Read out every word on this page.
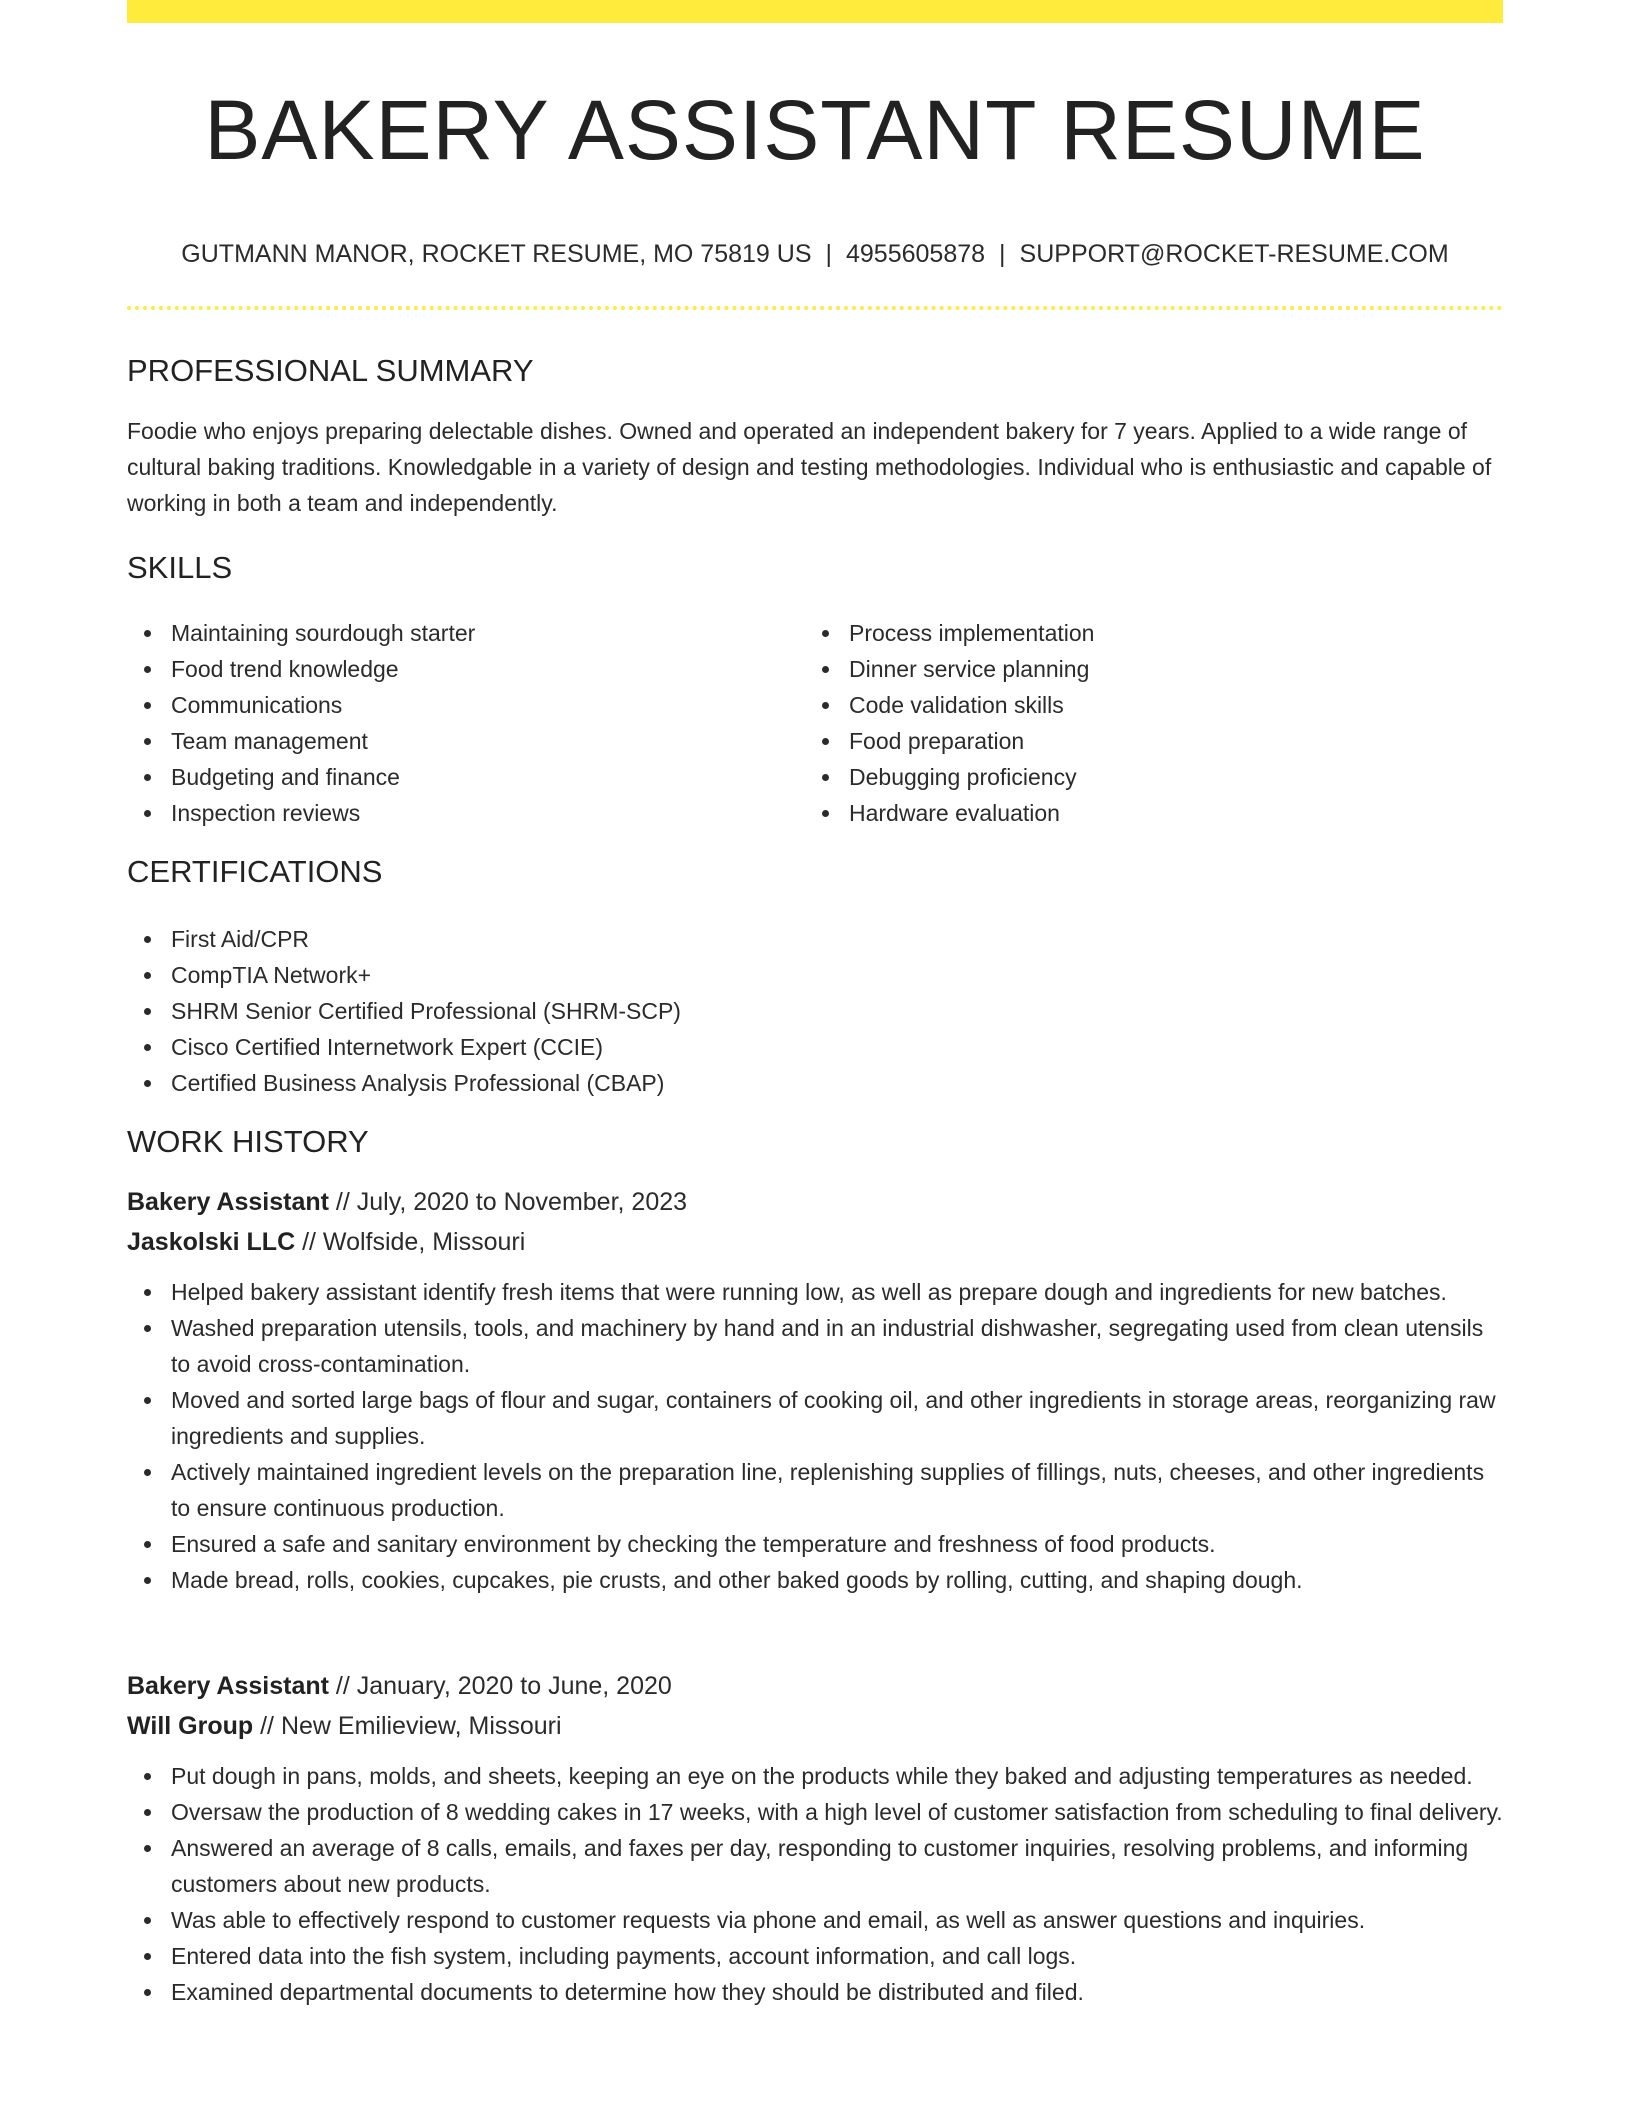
BAKERY ASSISTANT RESUME
GUTMANN MANOR, ROCKET RESUME, MO 75819 US | 4955605878 | SUPPORT@ROCKET-RESUME.COM
PROFESSIONAL SUMMARY

Foodie who enjoys preparing delectable dishes. Owned and operated an independent bakery for 7 years. Applied to a wide range of cultural baking traditions. Knowledgable in a variety of design and testing methodologies. Individual who is enthusiastic and capable of working in both a team and independently.

SKILLS
Maintaining sourdough starter
Food trend knowledge
Communications
Team management
Budgeting and finance
Inspection reviews
Process implementation
Dinner service planning
Code validation skills
Food preparation
Debugging proficiency
Hardware evaluation
CERTIFICATIONS
First Aid/CPR
CompTIA Network+
SHRM Senior Certified Professional (SHRM-SCP)
Cisco Certified Internetwork Expert (CCIE)
Certified Business Analysis Professional (CBAP)
WORK HISTORY
Bakery Assistant // July, 2020 to November, 2023
Jaskolski LLC // Wolfside, Missouri
Helped bakery assistant identify fresh items that were running low, as well as prepare dough and ingredients for new batches.
Washed preparation utensils, tools, and machinery by hand and in an industrial dishwasher, segregating used from clean utensils to avoid cross-contamination.
Moved and sorted large bags of flour and sugar, containers of cooking oil, and other ingredients in storage areas, reorganizing raw ingredients and supplies.
Actively maintained ingredient levels on the preparation line, replenishing supplies of fillings, nuts, cheeses, and other ingredients to ensure continuous production.
Ensured a safe and sanitary environment by checking the temperature and freshness of food products.
Made bread, rolls, cookies, cupcakes, pie crusts, and other baked goods by rolling, cutting, and shaping dough.
Bakery Assistant // January, 2020 to June, 2020
Will Group // New Emilieview, Missouri
Put dough in pans, molds, and sheets, keeping an eye on the products while they baked and adjusting temperatures as needed.
Oversaw the production of 8 wedding cakes in 17 weeks, with a high level of customer satisfaction from scheduling to final delivery.
Answered an average of 8 calls, emails, and faxes per day, responding to customer inquiries, resolving problems, and informing customers about new products.
Was able to effectively respond to customer requests via phone and email, as well as answer questions and inquiries.
Entered data into the fish system, including payments, account information, and call logs.
Examined departmental documents to determine how they should be distributed and filed.
